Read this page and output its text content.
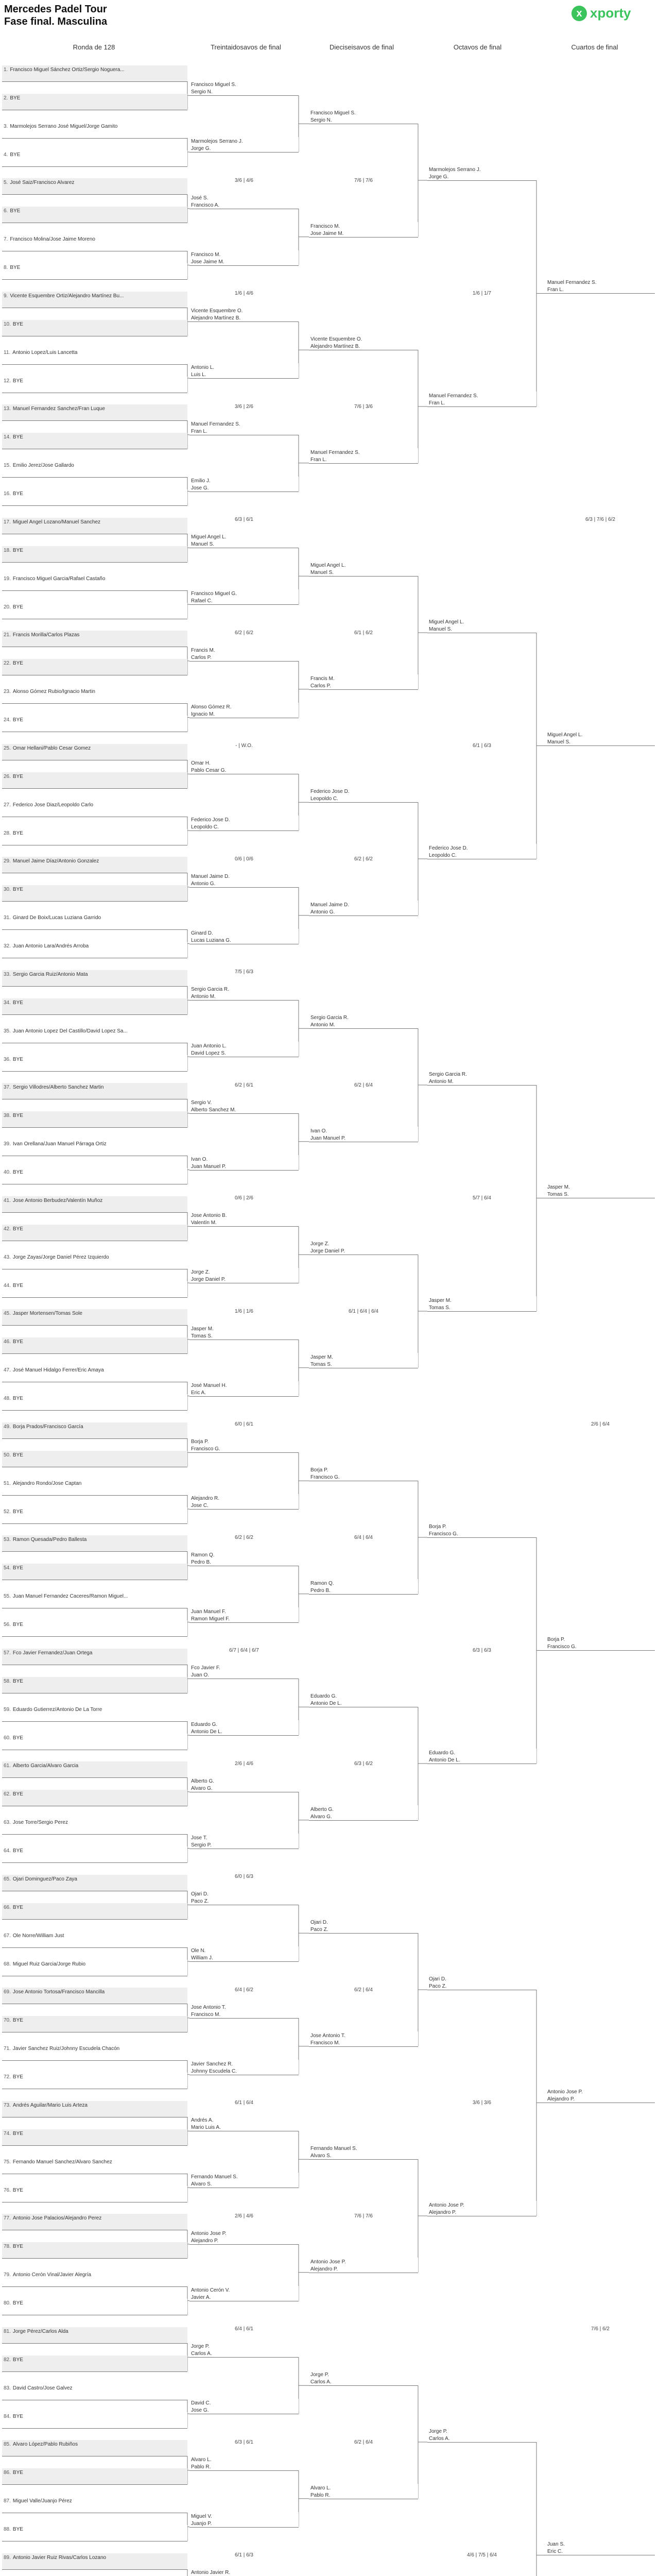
Mercedes Padel Tour
Fase final. Masculina
x xporty
Ronda de 128	Treintaidosavos de final	Dieciseisavos de final	Octavos de final	Cuartos de final
1. Francisco Miguel Sánchez Ortiz/Sergio Noguera...
2. BYE
3. Marmolejos Serrano José Miguel/Jorge Gamito
4. BYE
5. José Saiz/Francisco Alvarez
6. BYE
7. Francisco Molina/Jose Jaime Moreno
8. BYE
9. Vicente Esquembre Ortiz/Alejandro Martínez Bu...
10. BYE
11. Antonio Lopez/Luis Lancetta
12. BYE
13. Manuel Fernandez Sanchez/Fran Luque
14. BYE
15. Emilio Jerez/Jose Gallardo
16. BYE
17. Miguel Angel Lozano/Manuel Sanchez
18. BYE
19. Francisco Miguel Garcia/Rafael Castaño
20. BYE
21. Francis Morilla/Carlos Plazas
22. BYE
23. Alonso Gómez Rubio/Ignacio Martin
24. BYE
25. Omar Hellani/Pablo Cesar Gomez
26. BYE
27. Federico Jose Diaz/Leopoldo Carlo
28. BYE
29. Manuel Jaime Díaz/Antonio Gonzalez
30. BYE
31. Ginard De Boix/Lucas Luziana Garrido
32. Juan Antonio Lara/Andrés Arroba
33. Sergio Garcia Ruiz/Antonio Mata
34. BYE
35. Juan Antonio Lopez Del Castillo/David Lopez Sa...
36. BYE
37. Sergio Villodres/Alberto Sanchez Martin
38. BYE
39. Ivan Orellana/Juan Manuel Párraga Ortiz
40. BYE
41. Jose Antonio Berbudez/Valentín Muñoz
42. BYE
43. Jorge Zayas/Jorge Daniel Pérez Izquierdo
44. BYE
45. Jasper Mortensen/Tomas Sole
46. BYE
47. José Manuel Hidalgo Ferrer/Eric Amaya
48. BYE
49. Borja Prados/Francisco García
50. BYE
51. Alejandro Rondo/Jose Captan
52. BYE
53. Ramon Quesada/Pedro Ballesta
54. BYE
55. Juan Manuel Fernandez Caceres/Ramon Miguel...
56. BYE
57. Fco Javier Fernandez/Juan Ortega
58. BYE
59. Eduardo Gutierrez/Antonio De La Torre
60. BYE
61. Alberto Garcia/Alvaro Garcia
62. BYE
63. Jose Torre/Sergio Perez
64. BYE
65. Ojari Dominguez/Paco Zaya
66. BYE
67. Ole Norre/William Just
68. Miguel Ruiz Garcia/Jorge Rubio
69. Jose Antonio Tortosa/Francisco Mancilla
70. BYE
71. Javier Sanchez Ruiz/Johnny Escudela Chacón
72. BYE
73. Andrés Aguilar/Mario Luis Arteza
74. BYE
75. Fernando Manuel Sanchez/Alvaro Sanchez
76. BYE
77. Antonio Jose Palacios/Alejandro Perez
78. BYE
79. Antonio Cerón Vinal/Javier Alegría
80. BYE
81. Jorge Pérez/Carlos Alda
82. BYE
83. David Castro/Jose Galvez
84. BYE
85. Alvaro López/Pablo Rubiños
86. BYE
87. Miguel Valle/Juanjo Pérez
88. BYE
89. Antonio Javier Ruiz Rivas/Carlos Lozano
Francisco Miguel S.
Sergio N.
Marmolejos Serrano J.
Jorge G.
3/6 | 4/6
José S.
Francisco A.
Francisco M.
Jose Jaime M.
1/6 | 4/6
Vicente Esquembre O.
Alejandro Martínez B.
Antonio L.
Luis L.
3/6 | 2/6
Manuel Fernandez S.
Fran L.
Emilio J.
Jose G.
6/3 | 6/1
Miguel Angel L.
Manuel S.
Francisco Miguel G.
Rafael C.
6/2 | 6/2
Francis M.
Carlos P.
Alonso Gómez R.
Ignacio M.
- | W.O.
Omar H.
Pablo Cesar G.
Federico Jose D.
Leopoldo C.
0/6 | 0/6
Manuel Jaime D.
Antonio G.
Ginard D.
Lucas Luziana G.
7/5 | 6/3
Sergio Garcia R.
Antonio M.
Juan Antonio L.
David Lopez S.
6/2 | 6/1
Sergio V.
Alberto Sanchez M.
Ivan O.
Juan Manuel P.
0/6 | 2/6
Jose Antonio B.
Valentín M.
Jorge Z.
Jorge Daniel P.
1/6 | 1/6
Jasper M.
Tomas S.
José Manuel H.
Eric A.
6/0 | 6/1
Borja P.
Francisco G.
Alejandro R.
Jose C.
6/2 | 6/2
Ramon Q.
Pedro B.
Juan Manuel F.
Ramon Miguel F.
6/7 | 6/4 | 6/7
Fco Javier F.
Juan O.
Eduardo G.
Antonio De L.
2/6 | 4/6
Alberto G.
Alvaro G.
Jose T.
Sergio P.
6/0 | 6/3
Ojari D.
Paco Z.
Ole N.
William J.
6/4 | 6/2
Jose Antonio T.
Francisco M.
Javier Sanchez R.
Johnny Escudela C.
6/1 | 6/4
Andrés A.
Mario Luis A.
Fernando Manuel S.
Alvaro S.
2/6 | 4/6
Antonio Jose P.
Alejandro P.
Antonio Cerón V.
Javier A.
6/4 | 6/1
Jorge P.
Carlos A.
David C.
Jose G.
6/3 | 6/1
Alvaro L.
Pablo R.
Miguel V.
Juanjo P.
6/1 | 6/3
Antonio Javier R.
Francisco Miguel S.
Sergio N.
7/6 | 7/6
Francisco M.
Jose Jaime M.
Vicente Esquembre O.
Alejandro Martínez B.
7/6 | 3/6
Manuel Fernandez S.
Fran L.
Miguel Angel L.
Manuel S.
6/1 | 6/2
Francis M.
Carlos P.
Federico Jose D.
Leopoldo C.
6/2 | 6/2
Manuel Jaime D.
Antonio G.
Sergio Garcia R.
Antonio M.
6/2 | 6/4
Ivan O.
Juan Manuel P.
Jorge Z.
Jorge Daniel P.
6/1 | 6/4 | 6/4
Jasper M.
Tomas S.
Borja P.
Francisco G.
6/4 | 6/4
Ramon Q.
Pedro B.
Eduardo G.
Antonio De L.
6/3 | 6/2
Alberto G.
Alvaro G.
Ojari D.
Paco Z.
6/2 | 6/4
Jose Antonio T.
Francisco M.
Fernando Manuel S.
Alvaro S.
7/6 | 7/6
Antonio Jose P.
Alejandro P.
Jorge P.
Carlos A.
6/2 | 6/4
Alvaro L.
Pablo R.
Marmolejos Serrano J.
Jorge G.
1/6 | 1/7
Manuel Fernandez S.
Fran L.
Miguel Angel L.
Manuel S.
6/1 | 6/3
Federico Jose D.
Leopoldo C.
Sergio Garcia R.
Antonio M.
5/7 | 6/4
Jasper M.
Tomas S.
Borja P.
Francisco G.
6/3 | 6/3
Eduardo G.
Antonio De L.
Ojari D.
Paco Z.
3/6 | 3/6
Antonio Jose P.
Alejandro P.
Jorge P.
Carlos A.
4/6 | 7/5 | 6/4
Manuel Fernandez S.
Fran L.
6/3 | 7/6 | 6/2
Miguel Angel L.
Manuel S.
Jasper M.
Tomas S.
2/6 | 6/4
Borja P.
Francisco G.
Antonio Jose P.
Alejandro P.
7/6 | 6/2
Juan S.
Eric C.
